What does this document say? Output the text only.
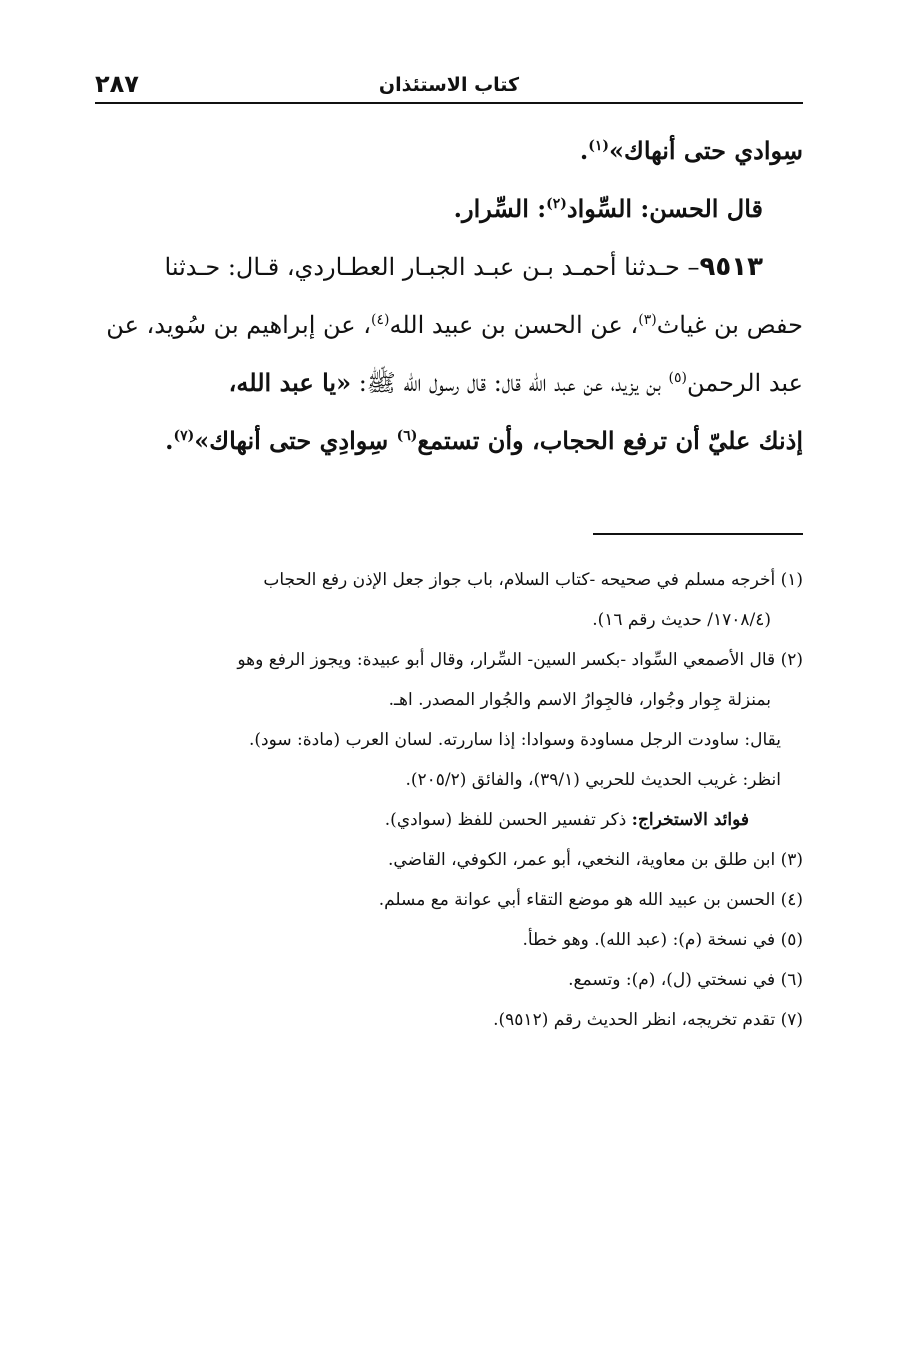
كتاب الاستئذان
٢٨٧
سِوادي حتى أنهاك»$^{(١)}$.
قال الحسن: السِّواد$^{(٢)}$: السِّرار.
٩٥١٣– حـدثنا أحمـد بـن عبـد الجبـار العطـاردي، قـال: حـدثنا
حفص بن غياث$^{(٣)}$، عن الحسن بن عبيد الله$^{(٤)}$، عن إبراهيم بن سُويد، عن
عبد الرحمن$^{(٥)}$ بن يزيد، عن عبد الله قال: قال رسول الله ﷺ: «يا عبد الله،
إذنك عليّ أن ترفع الحجاب، وأن تستمع$^{(٦)}$ سِوادِي حتى أنهاك»$^{(٧)}$.
(١) أخرجه مسلم في صحيحه -كتاب السلام، باب جواز جعل الإذن رفع الحجاب
(١٧٠٨/٤/ حديث رقم ١٦).
(٢) قال الأصمعي السِّواد -بكسر السين- السِّرار، وقال أبو عبيدة: ويجوز الرفع وهو
بمنزلة جِوار وجُوار، فالجِوارُ الاسم والجُوار المصدر. اهـ.
يقال: ساودت الرجل مساودة وسوادا: إذا ساررته. لسان العرب (مادة: سود).
انظر: غريب الحديث للحربي (٣٩/١)، والفائق (٢٠٥/٢).
فوائد الاستخراج: ذكر تفسير الحسن للفظ (سوادي).
(٣) ابن طلق بن معاوية، النخعي، أبو عمر، الكوفي، القاضي.
(٤) الحسن بن عبيد الله هو موضع التقاء أبي عوانة مع مسلم.
(٥) في نسخة (م): (عبد الله). وهو خطأ.
(٦) في نسختي (ل)، (م): وتسمع.
(٧) تقدم تخريجه، انظر الحديث رقم (٩٥١٢).
